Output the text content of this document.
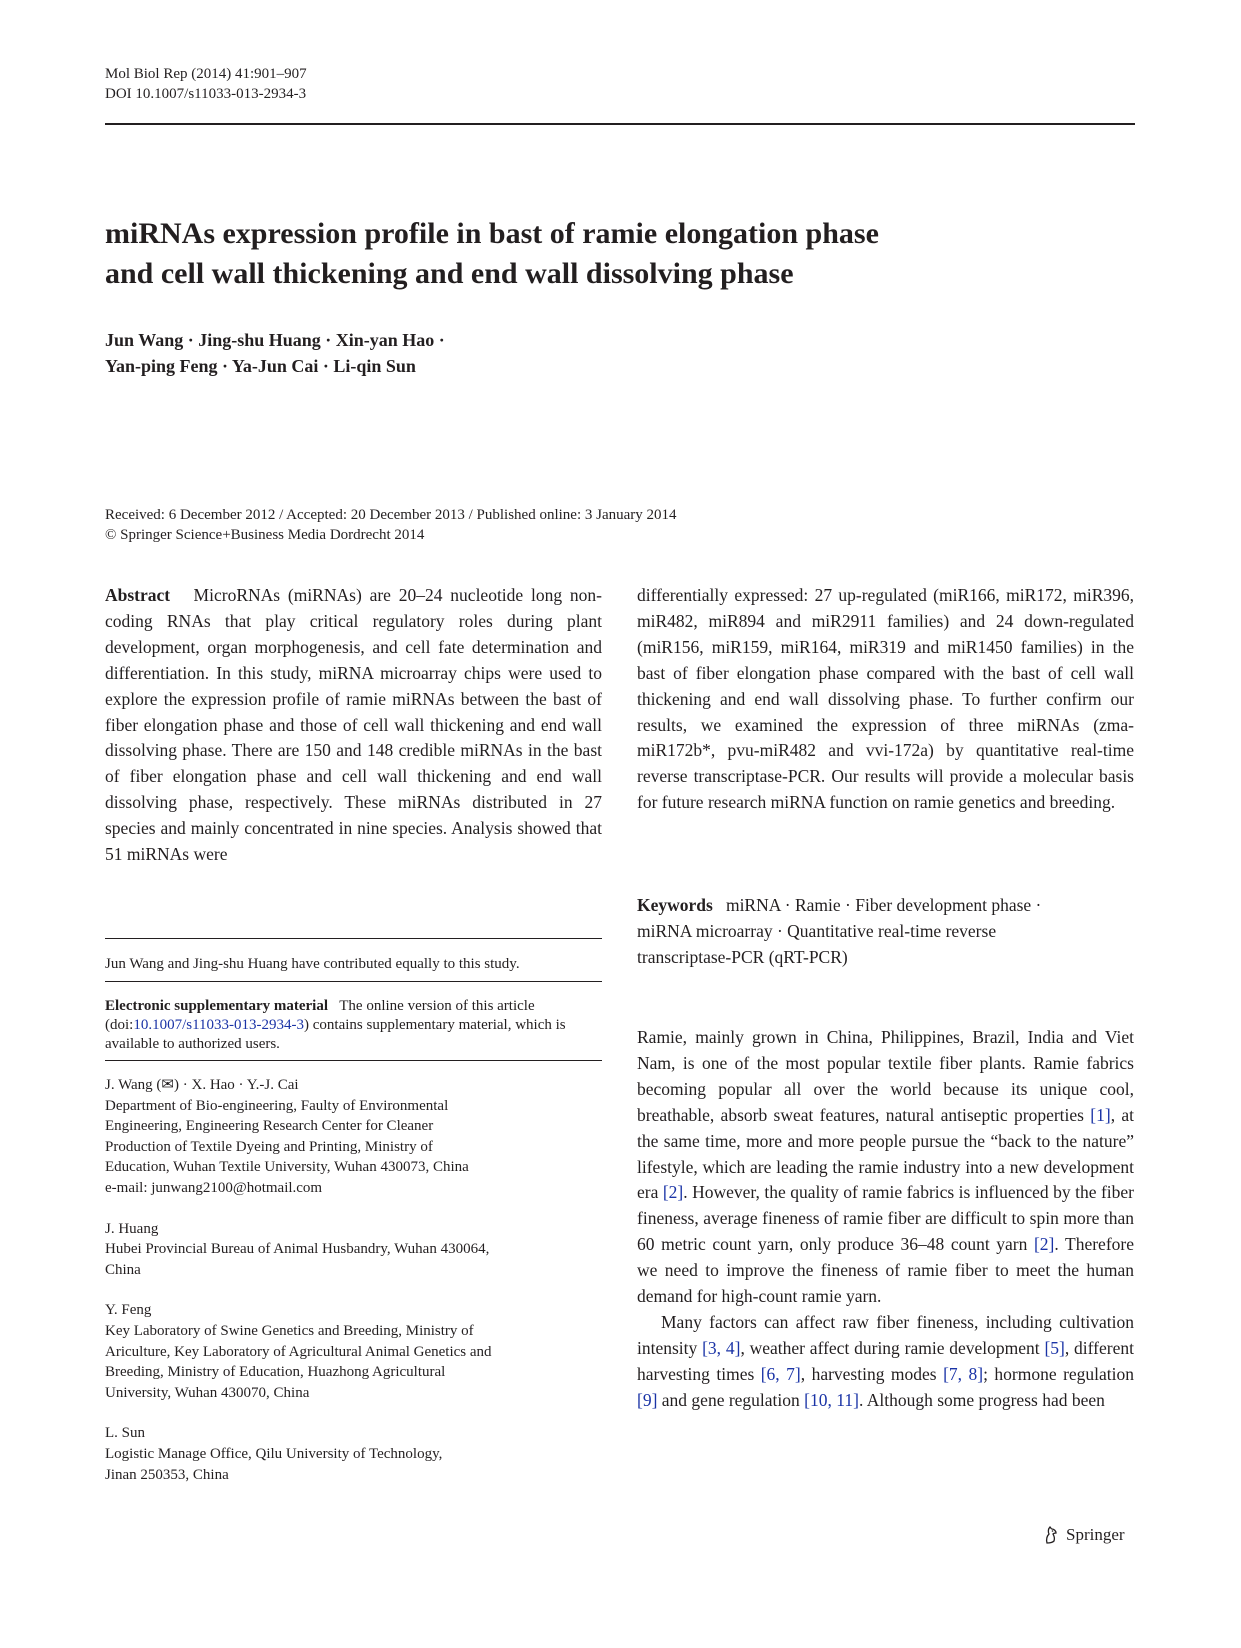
Mol Biol Rep (2014) 41:901–907
DOI 10.1007/s11033-013-2934-3
miRNAs expression profile in bast of ramie elongation phase
and cell wall thickening and end wall dissolving phase
Jun Wang · Jing-shu Huang · Xin-yan Hao ·
Yan-ping Feng · Ya-Jun Cai · Li-qin Sun
Received: 6 December 2012 / Accepted: 20 December 2013 / Published online: 3 January 2014
© Springer Science+Business Media Dordrecht 2014

Abstract MicroRNAs (miRNAs) are 20–24 nucleotide long non-coding RNAs that play critical regulatory roles during plant development, organ morphogenesis, and cell fate determination and differentiation. In this study, miRNA microarray chips were used to explore the expression profile of ramie miRNAs between the bast of fiber elongation phase and those of cell wall thickening and end wall dissolving phase. There are 150 and 148 credible miRNAs in the bast of fiber elongation phase and cell wall thickening and end wall dissolving phase, respectively. These miRNAs distributed in 27 species and mainly concentrated in nine species. Analysis showed that 51 miRNAs were

Jun Wang and Jing-shu Huang have contributed equally to this study.

Electronic supplementary material The online version of this article (doi:10.1007/s11033-013-2934-3) contains supplementary material, which is available to authorized users.

J. Wang (✉) · X. Hao · Y.-J. Cai
Department of Bio-engineering, Faulty of Environmental
Engineering, Engineering Research Center for Cleaner
Production of Textile Dyeing and Printing, Ministry of
Education, Wuhan Textile University, Wuhan 430073, China
e-mail: junwang2100@hotmail.com
J. Huang
Hubei Provincial Bureau of Animal Husbandry, Wuhan 430064,
China
Y. Feng
Key Laboratory of Swine Genetics and Breeding, Ministry of
Ariculture, Key Laboratory of Agricultural Animal Genetics and
Breeding, Ministry of Education, Huazhong Agricultural
University, Wuhan 430070, China
L. Sun
Logistic Manage Office, Qilu University of Technology,
Jinan 250353, China

differentially expressed: 27 up-regulated (miR166, miR172, miR396, miR482, miR894 and miR2911 families) and 24 down-regulated (miR156, miR159, miR164, miR319 and miR1450 families) in the bast of fiber elongation phase compared with the bast of cell wall thickening and end wall dissolving phase. To further confirm our results, we examined the expression of three miRNAs (zma-miR172b*, pvu-miR482 and vvi-172a) by quantitative real-time reverse transcriptase-PCR. Our results will provide a molecular basis for future research miRNA function on ramie genetics and breeding.

Keywords miRNA · Ramie · Fiber development phase ·
miRNA microarray · Quantitative real-time reverse
transcriptase-PCR (qRT-PCR)

Ramie, mainly grown in China, Philippines, Brazil, India and Viet Nam, is one of the most popular textile fiber plants. Ramie fabrics becoming popular all over the world because its unique cool, breathable, absorb sweat features, natural antiseptic properties [1], at the same time, more and more people pursue the “back to the nature” lifestyle, which are leading the ramie industry into a new development era [2]. However, the quality of ramie fabrics is influenced by the fiber fineness, average fineness of ramie fiber are difficult to spin more than 60 metric count yarn, only produce 36–48 count yarn [2]. Therefore we need to improve the fineness of ramie fiber to meet the human demand for high-count ramie yarn.

Many factors can affect raw fiber fineness, including cultivation intensity [3, 4], weather affect during ramie development [5], different harvesting times [6, 7], harvesting modes [7, 8]; hormone regulation [9] and gene regulation [10, 11]. Although some progress had been

Springer
